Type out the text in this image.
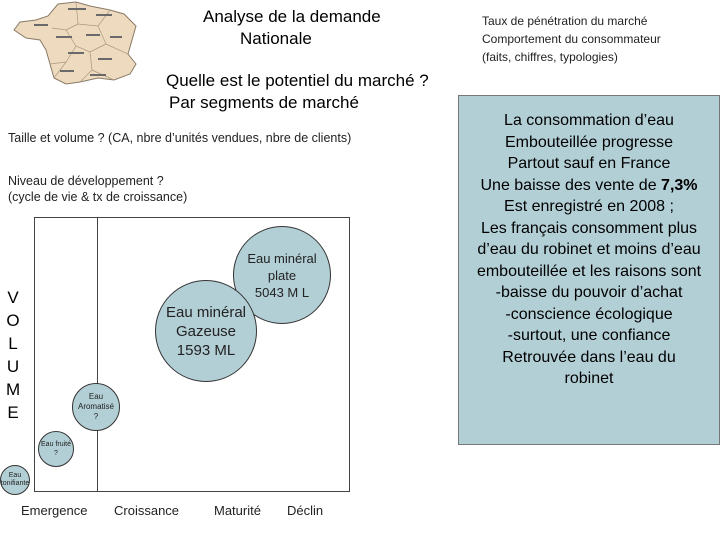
Analyse de la demande
Nationale
Taux de pénétration du marché
Comportement du consommateur
(faits, chiffres, typologies)
Quelle est le potentiel du marché ?
Par segments de marché
Taille et volume ? (CA, nbre d’unités vendues, nbre de clients)
Niveau de développement ?
(cycle de vie & tx de croissance)
V
O
L
U
M
E
Eau minéral
plate
5043 M L
Eau minéral
Gazeuse
1593 ML
Eau
Aromatisé
?
Eau fruité
?
Eau
tonifiante
Emergence Croissance	Maturité Déclin
La consommation d’eau
Embouteillée progresse
Partout sauf en France
Une baisse des vente de 7,3%
Est enregistré en 2008 ;
Les français consomment plus
d’eau du robinet et moins d’eau
embouteillée et les raisons sont
-baisse du pouvoir d’achat
-conscience écologique
-surtout, une confiance
Retrouvée dans l’eau du
robinet
